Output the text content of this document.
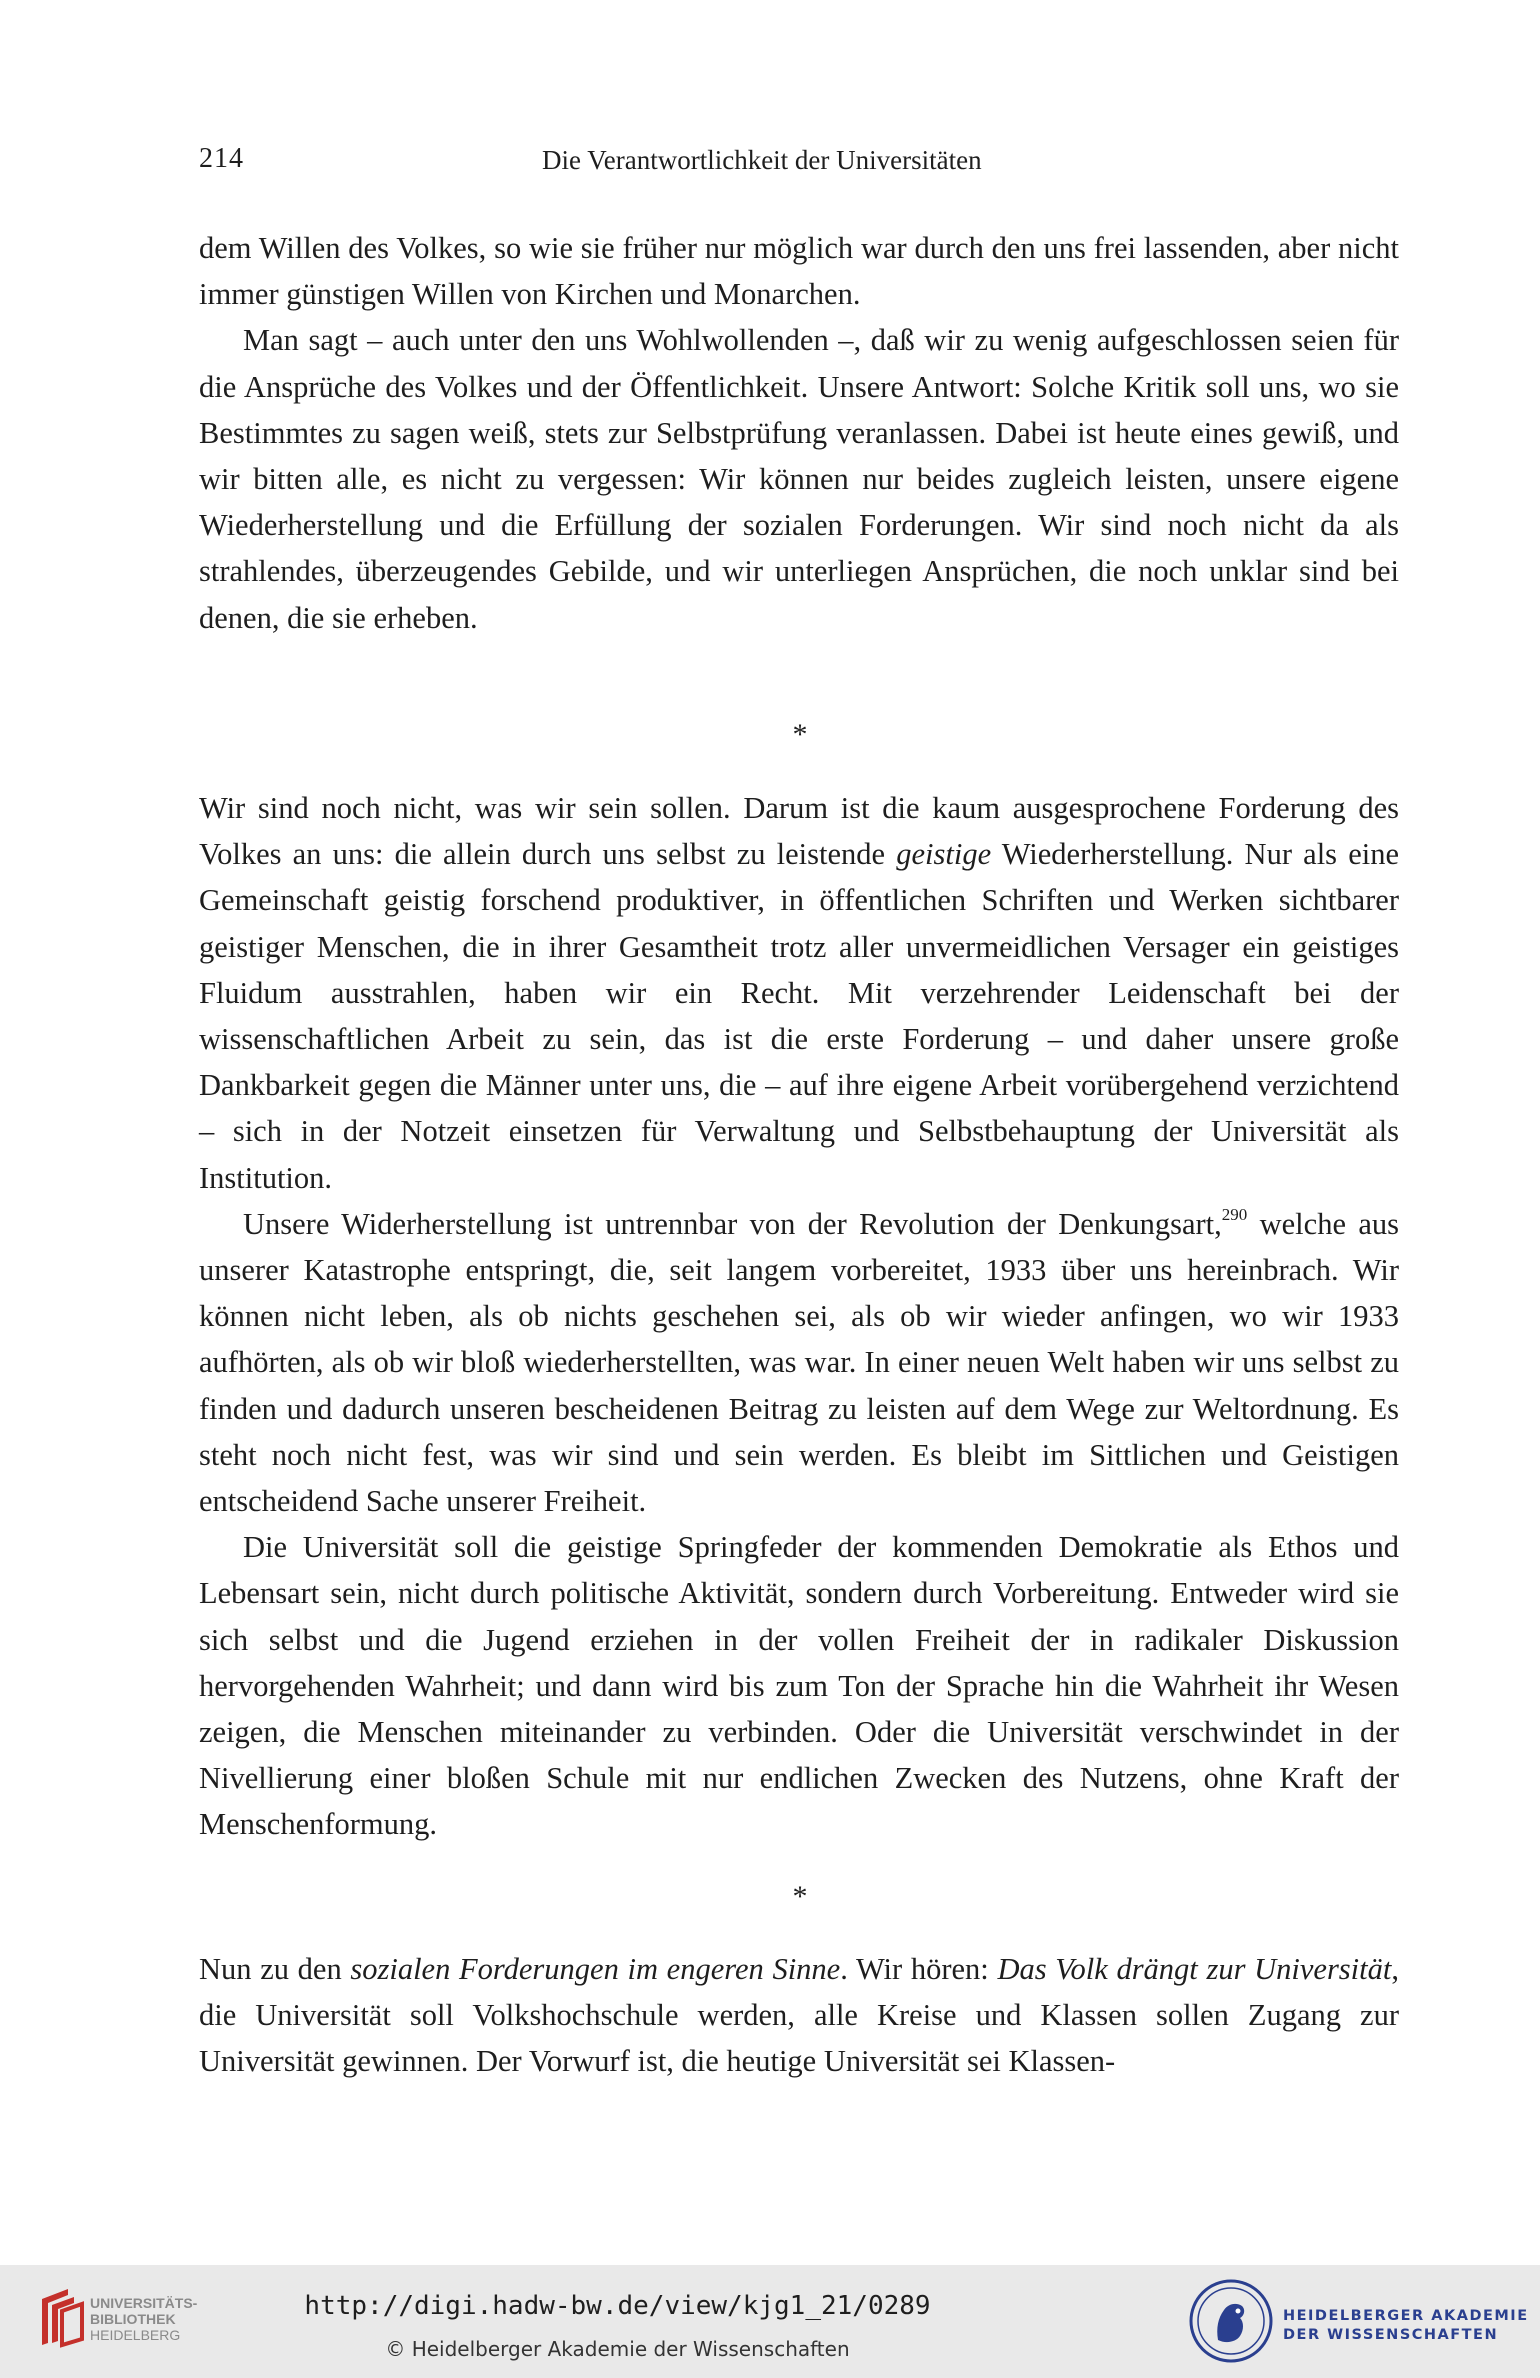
214	Die Verantwortlichkeit der Universitäten

dem Willen des Volkes, so wie sie früher nur möglich war durch den uns frei lassenden, aber nicht immer günstigen Willen von Kirchen und Monarchen.

Man sagt – auch unter den uns Wohlwollenden –, daß wir zu wenig aufgeschlossen seien für die Ansprüche des Volkes und der Öffentlichkeit. Unsere Antwort: Solche Kritik soll uns, wo sie Bestimmtes zu sagen weiß, stets zur Selbstprüfung veranlassen. Dabei ist heute eines gewiß, und wir bitten alle, es nicht zu vergessen: Wir können nur beides zugleich leisten, unsere eigene Wiederherstellung und die Erfüllung der sozialen Forderungen. Wir sind noch nicht da als strahlendes, überzeugendes Gebilde, und wir unterliegen Ansprüchen, die noch unklar sind bei denen, die sie erheben.

*

Wir sind noch nicht, was wir sein sollen. Darum ist die kaum ausgesprochene Forderung des Volkes an uns: die allein durch uns selbst zu leistende geistige Wiederherstellung. Nur als eine Gemeinschaft geistig forschend produktiver, in öffentlichen Schriften und Werken sichtbarer geistiger Menschen, die in ihrer Gesamtheit trotz aller unvermeidlichen Versager ein geistiges Fluidum ausstrahlen, haben wir ein Recht. Mit verzehrender Leidenschaft bei der wissenschaftlichen Arbeit zu sein, das ist die erste Forderung – und daher unsere große Dankbarkeit gegen die Männer unter uns, die – auf ihre eigene Arbeit vorübergehend verzichtend – sich in der Notzeit einsetzen für Verwaltung und Selbstbehauptung der Universität als Institution.

Unsere Widerherstellung ist untrennbar von der Revolution der Denkungsart,$^{290}$ welche aus unserer Katastrophe entspringt, die, seit langem vorbereitet, 1933 über uns hereinbrach. Wir können nicht leben, als ob nichts geschehen sei, als ob wir wieder anfingen, wo wir 1933 aufhörten, als ob wir bloß wiederherstellten, was war. In einer neuen Welt haben wir uns selbst zu finden und dadurch unseren bescheidenen Beitrag zu leisten auf dem Wege zur Weltordnung. Es steht noch nicht fest, was wir sind und sein werden. Es bleibt im Sittlichen und Geistigen entscheidend Sache unserer Freiheit.

Die Universität soll die geistige Springfeder der kommenden Demokratie als Ethos und Lebensart sein, nicht durch politische Aktivität, sondern durch Vorbereitung. Entweder wird sie sich selbst und die Jugend erziehen in der vollen Freiheit der in radikaler Diskussion hervorgehenden Wahrheit; und dann wird bis zum Ton der Sprache hin die Wahrheit ihr Wesen zeigen, die Menschen miteinander zu verbinden. Oder die Universität verschwindet in der Nivellierung einer bloßen Schule mit nur endlichen Zwecken des Nutzens, ohne Kraft der Menschenformung.

*

Nun zu den sozialen Forderungen im engeren Sinne. Wir hören: Das Volk drängt zur Universität, die Universität soll Volkshochschule werden, alle Kreise und Klassen sollen Zugang zur Universität gewinnen. Der Vorwurf ist, die heutige Universität sei Klassen-

UNIVERSITÄTS-
BIBLIOTHEK
HEIDELBERG
http://digi.hadw-bw.de/view/kjg1_21/0289
© Heidelberger Akademie der Wissenschaften
HEIDELBERGER AKADEMIE
DER WISSENSCHAFTEN
